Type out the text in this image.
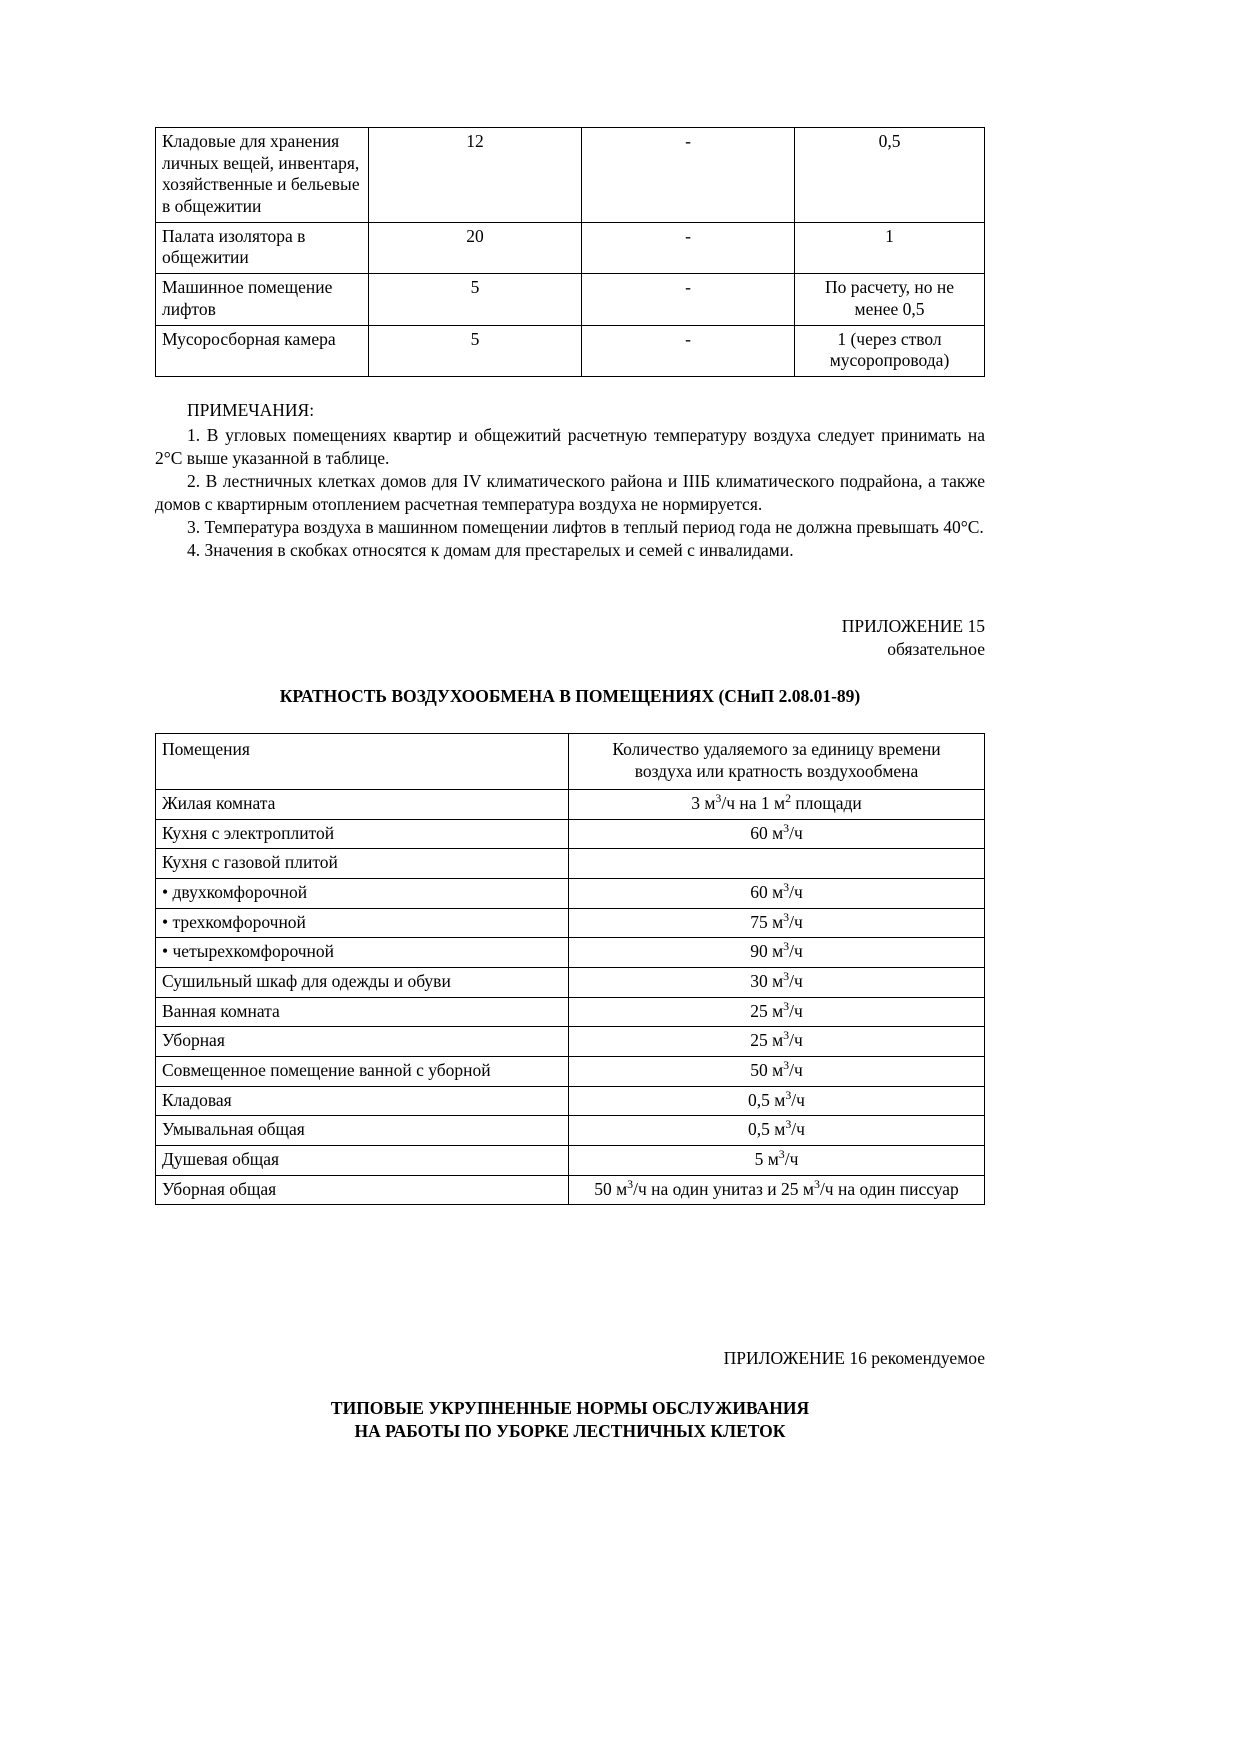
Кладовые для хранения личных вещей, инвентаря, хозяйственные и бельевые в общежитии	12	-	0,5
Палата изолятора в общежитии	20	-	1
Машинное помещение лифтов	5	-	По расчету, но не менее 0,5
Мусоросборная камера	5	-	1 (через ствол мусоропровода)
ПРИМЕЧАНИЯ:

1. В угловых помещениях квартир и общежитий расчетную температуру воздуха следует принимать на 2°С выше указанной в таблице.

2. В лестничных клетках домов для IV климатического района и IIIБ климатического подрайона, а также домов с квартирным отоплением расчетная температура воздуха не нормируется.

3. Температура воздуха в машинном помещении лифтов в теплый период года не должна превышать 40°С.

4. Значения в скобках относятся к домам для престарелых и семей с инвалидами.

ПРИЛОЖЕНИЕ 15
обязательное
КРАТНОСТЬ ВОЗДУХООБМЕНА В ПОМЕЩЕНИЯХ (СНиП 2.08.01-89)
Помещения	Количество удаляемого за единицу времени
воздуха или кратность воздухообмена
Жилая комната	3 $м^3/ч$ на 1 $м^2$ площади
Кухня с электроплитой	60 $м^3/ч$
Кухня с газовой плитой	
• двухкомфорочной	60 $м^3/ч$
• трехкомфорочной	75 $м^3/ч$
• четырехкомфорочной	90 $м^3/ч$
Сушильный шкаф для одежды и обуви	30 $м^3/ч$
Ванная комната	25 $м^3/ч$
Уборная	25 $м^3/ч$
Совмещенное помещение ванной с уборной	50 $м^3/ч$
Кладовая	0,5 $м^3/ч$
Умывальная общая	0,5 $м^3/ч$
Душевая общая	5 $м^3/ч$
Уборная общая	50 $м^3/ч$ на один унитаз и 25 $м^3/ч$ на один писсуар
ПРИЛОЖЕНИЕ 16 рекомендуемое
ТИПОВЫЕ УКРУПНЕННЫЕ НОРМЫ ОБСЛУЖИВАНИЯ
НА РАБОТЫ ПО УБОРКЕ ЛЕСТНИЧНЫХ КЛЕТОК
